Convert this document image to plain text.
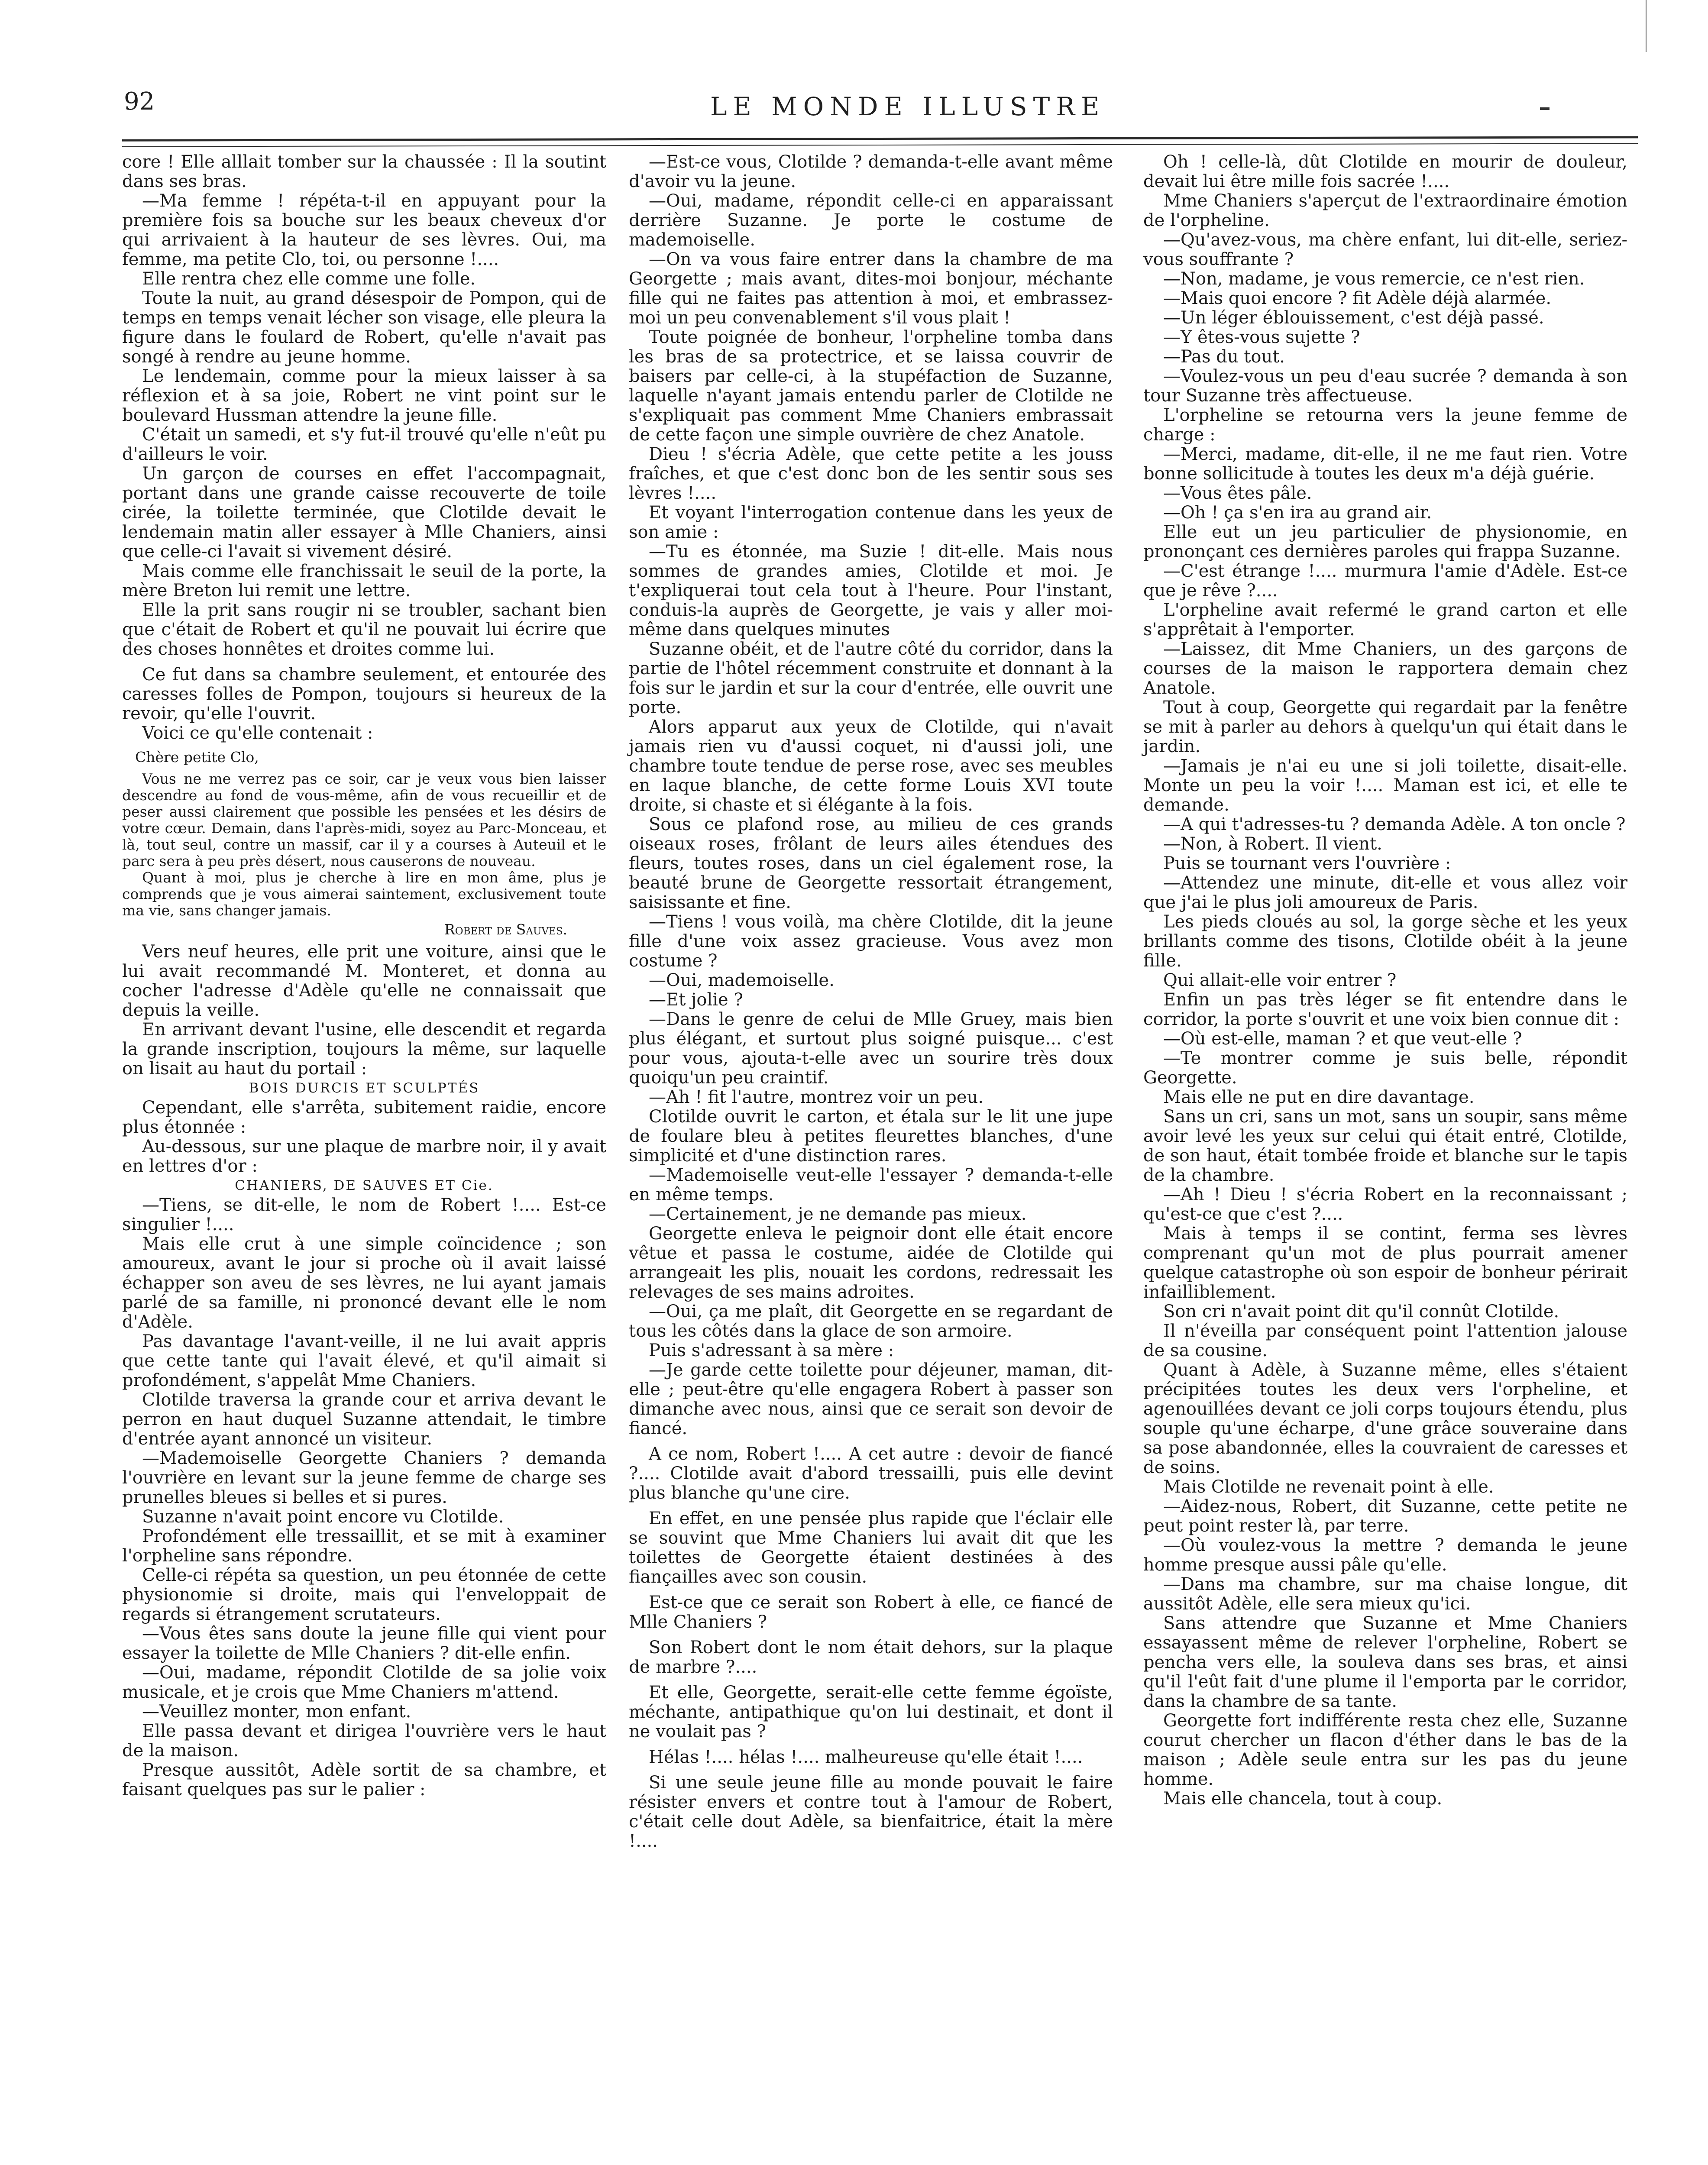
92	LE MONDE ILLUSTRE

core ! Elle alllait tomber sur la chaussée : Il la soutint dans ses bras.

—Ma femme ! répéta-t-il en appuyant pour la première fois sa bouche sur les beaux cheveux d'or qui arrivaient à la hauteur de ses lèvres. Oui, ma femme, ma petite Clo, toi, ou personne !....

Elle rentra chez elle comme une folle.

Toute la nuit, au grand désespoir de Pompon, qui de temps en temps venait lécher son visage, elle pleura la figure dans le foulard de Robert, qu'elle n'avait pas songé à rendre au jeune homme.

Le lendemain, comme pour la mieux laisser à sa réflexion et à sa joie, Robert ne vint point sur le boulevard Hussman attendre la jeune fille.

C'était un samedi, et s'y fut-il trouvé qu'elle n'eût pu d'ailleurs le voir.

Un garçon de courses en effet l'accompagnait, portant dans une grande caisse recouverte de toile cirée, la toilette terminée, que Clotilde devait le lendemain matin aller essayer à Mlle Chaniers, ainsi que celle-ci l'avait si vivement désiré.

Mais comme elle franchissait le seuil de la porte, la mère Breton lui remit une lettre.

Elle la prit sans rougir ni se troubler, sachant bien que c'était de Robert et qu'il ne pouvait lui écrire que des choses honnêtes et droites comme lui.

Ce fut dans sa chambre seulement, et entourée des caresses folles de Pompon, toujours si heureux de la revoir, qu'elle l'ouvrit.

Voici ce qu'elle contenait :

Chère petite Clo,

Vous ne me verrez pas ce soir, car je veux vous bien laisser descendre au fond de vous-même, afin de vous recueillir et de peser aussi clairement que possible les pensées et les désirs de votre cœur. Demain, dans l'après-midi, soyez au Parc-Monceau, et là, tout seul, contre un massif, car il y a courses à Auteuil et le parc sera à peu près désert, nous causerons de nouveau.

Quant à moi, plus je cherche à lire en mon âme, plus je comprends que je vous aimerai saintement, exclusivement toute ma vie, sans changer jamais.

Robert de Sauves.

Vers neuf heures, elle prit une voiture, ainsi que le lui avait recommandé M. Monteret, et donna au cocher l'adresse d'Adèle qu'elle ne connaissait que depuis la veille.

En arrivant devant l'usine, elle descendit et regarda la grande inscription, toujours la même, sur laquelle on lisait au haut du portail :

BOIS DURCIS ET SCULPTÉS

Cependant, elle s'arrêta, subitement raidie, encore plus étonnée :

Au-dessous, sur une plaque de marbre noir, il y avait en lettres d'or :

CHANIERS, DE SAUVES ET Cie.

—Tiens, se dit-elle, le nom de Robert !.... Est-ce singulier !....

Mais elle crut à une simple coïncidence ; son amoureux, avant le jour si proche où il avait laissé échapper son aveu de ses lèvres, ne lui ayant jamais parlé de sa famille, ni prononcé devant elle le nom d'Adèle.

Pas davantage l'avant-veille, il ne lui avait appris que cette tante qui l'avait élevé, et qu'il aimait si profondément, s'appelât Mme Chaniers.

Clotilde traversa la grande cour et arriva devant le perron en haut duquel Suzanne attendait, le timbre d'entrée ayant annoncé un visiteur.

—Mademoiselle Georgette Chaniers ? demanda l'ouvrière en levant sur la jeune femme de charge ses prunelles bleues si belles et si pures.

Suzanne n'avait point encore vu Clotilde.

Profondément elle tressaillit, et se mit à examiner l'orpheline sans répondre.

Celle-ci répéta sa question, un peu étonnée de cette physionomie si droite, mais qui l'enveloppait de regards si étrangement scrutateurs.

—Vous êtes sans doute la jeune fille qui vient pour essayer la toilette de Mlle Chaniers ? dit-elle enfin.

—Oui, madame, répondit Clotilde de sa jolie voix musicale, et je crois que Mme Chaniers m'attend.

—Veuillez monter, mon enfant.

Elle passa devant et dirigea l'ouvrière vers le haut de la maison.

Presque aussitôt, Adèle sortit de sa chambre, et faisant quelques pas sur le palier :

—Est-ce vous, Clotilde ? demanda-t-elle avant même d'avoir vu la jeune.

—Oui, madame, répondit celle-ci en apparaissant derrière Suzanne. Je porte le costume de mademoiselle.

—On va vous faire entrer dans la chambre de ma Georgette ; mais avant, dites-moi bonjour, méchante fille qui ne faites pas attention à moi, et embrassez-moi un peu convenablement s'il vous plait !

Toute poignée de bonheur, l'orpheline tomba dans les bras de sa protectrice, et se laissa couvrir de baisers par celle-ci, à la stupéfaction de Suzanne, laquelle n'ayant jamais entendu parler de Clotilde ne s'expliquait pas comment Mme Chaniers embrassait de cette façon une simple ouvrière de chez Anatole.

Dieu ! s'écria Adèle, que cette petite a les jouss fraîches, et que c'est donc bon de les sentir sous ses lèvres !....

Et voyant l'interrogation contenue dans les yeux de son amie :

—Tu es étonnée, ma Suzie ! dit-elle. Mais nous sommes de grandes amies, Clotilde et moi. Je t'expliquerai tout cela tout à l'heure. Pour l'instant, conduis-la auprès de Georgette, je vais y aller moi-même dans quelques minutes

Suzanne obéit, et de l'autre côté du corridor, dans la partie de l'hôtel récemment construite et donnant à la fois sur le jardin et sur la cour d'entrée, elle ouvrit une porte.

Alors apparut aux yeux de Clotilde, qui n'avait jamais rien vu d'aussi coquet, ni d'aussi joli, une chambre toute tendue de perse rose, avec ses meubles en laque blanche, de cette forme Louis XVI toute droite, si chaste et si élégante à la fois.

Sous ce plafond rose, au milieu de ces grands oiseaux roses, frôlant de leurs ailes étendues des fleurs, toutes roses, dans un ciel également rose, la beauté brune de Georgette ressortait étrangement, saisissante et fine.

—Tiens ! vous voilà, ma chère Clotilde, dit la jeune fille d'une voix assez gracieuse. Vous avez mon costume ?

—Oui, mademoiselle.

—Et jolie ?

—Dans le genre de celui de Mlle Gruey, mais bien plus élégant, et surtout plus soigné puisque... c'est pour vous, ajouta-t-elle avec un sourire très doux quoiqu'un peu craintif.

—Ah ! fit l'autre, montrez voir un peu.

Clotilde ouvrit le carton, et étala sur le lit une jupe de foulare bleu à petites fleurettes blanches, d'une simplicité et d'une distinction rares.

—Mademoiselle veut-elle l'essayer ? demanda-t-elle en même temps.

—Certainement, je ne demande pas mieux.

Georgette enleva le peignoir dont elle était encore vêtue et passa le costume, aidée de Clotilde qui arrangeait les plis, nouait les cordons, redressait les relevages de ses mains adroites.

—Oui, ça me plaît, dit Georgette en se regardant de tous les côtés dans la glace de son armoire.

Puis s'adressant à sa mère :

—Je garde cette toilette pour déjeuner, maman, dit-elle ; peut-être qu'elle engagera Robert à passer son dimanche avec nous, ainsi que ce serait son devoir de fiancé.

A ce nom, Robert !.... A cet autre : devoir de fiancé ?.... Clotilde avait d'abord tressailli, puis elle devint plus blanche qu'une cire.

En effet, en une pensée plus rapide que l'éclair elle se souvint que Mme Chaniers lui avait dit que les toilettes de Georgette étaient destinées à des fiançailles avec son cousin.

Est-ce que ce serait son Robert à elle, ce fiancé de Mlle Chaniers ?

Son Robert dont le nom était dehors, sur la plaque de marbre ?....

Et elle, Georgette, serait-elle cette femme égoïste, méchante, antipathique qu'on lui destinait, et dont il ne voulait pas ?

Hélas !.... hélas !.... malheureuse qu'elle était !....

Si une seule jeune fille au monde pouvait le faire résister envers et contre tout à l'amour de Robert, c'était celle dout Adèle, sa bienfaitrice, était la mère !....

Oh ! celle-là, dût Clotilde en mourir de douleur, devait lui être mille fois sacrée !....

Mme Chaniers s'aperçut de l'extraordinaire émotion de l'orpheline.

—Qu'avez-vous, ma chère enfant, lui dit-elle, seriez-vous souffrante ?

—Non, madame, je vous remercie, ce n'est rien.

—Mais quoi encore ? fit Adèle déjà alarmée.

—Un léger éblouissement, c'est déjà passé.

—Y êtes-vous sujette ?

—Pas du tout.

—Voulez-vous un peu d'eau sucrée ? demanda à son tour Suzanne très affectueuse.

L'orpheline se retourna vers la jeune femme de charge :

—Merci, madame, dit-elle, il ne me faut rien. Votre bonne sollicitude à toutes les deux m'a déjà guérie.

—Vous êtes pâle.

—Oh ! ça s'en ira au grand air.

Elle eut un jeu particulier de physionomie, en prononçant ces dernières paroles qui frappa Suzanne.

—C'est étrange !.... murmura l'amie d'Adèle. Est-ce que je rêve ?....

L'orpheline avait refermé le grand carton et elle s'apprêtait à l'emporter.

—Laissez, dit Mme Chaniers, un des garçons de courses de la maison le rapportera demain chez Anatole.

Tout à coup, Georgette qui regardait par la fenêtre se mit à parler au dehors à quelqu'un qui était dans le jardin.

—Jamais je n'ai eu une si joli toilette, disait-elle. Monte un peu la voir !.... Maman est ici, et elle te demande.

—A qui t'adresses-tu ? demanda Adèle. A ton oncle ?

—Non, à Robert. Il vient.

Puis se tournant vers l'ouvrière :

—Attendez une minute, dit-elle et vous allez voir que j'ai le plus joli amoureux de Paris.

Les pieds cloués au sol, la gorge sèche et les yeux brillants comme des tisons, Clotilde obéit à la jeune fille.

Qui allait-elle voir entrer ?

Enfin un pas très léger se fit entendre dans le corridor, la porte s'ouvrit et une voix bien connue dit :

—Où est-elle, maman ? et que veut-elle ?

—Te montrer comme je suis belle, répondit Georgette.

Mais elle ne put en dire davantage.

Sans un cri, sans un mot, sans un soupir, sans même avoir levé les yeux sur celui qui était entré, Clotilde, de son haut, était tombée froide et blanche sur le tapis de la chambre.

—Ah ! Dieu ! s'écria Robert en la reconnaissant ; qu'est-ce que c'est ?....

Mais à temps il se contint, ferma ses lèvres comprenant qu'un mot de plus pourrait amener quelque catastrophe où son espoir de bonheur périrait infailliblement.

Son cri n'avait point dit qu'il connût Clotilde.

Il n'éveilla par conséquent point l'attention jalouse de sa cousine.

Quant à Adèle, à Suzanne même, elles s'étaient précipitées toutes les deux vers l'orpheline, et agenouillées devant ce joli corps toujours étendu, plus souple qu'une écharpe, d'une grâce souveraine dans sa pose abandonnée, elles la couvraient de caresses et de soins.

Mais Clotilde ne revenait point à elle.

—Aidez-nous, Robert, dit Suzanne, cette petite ne peut point rester là, par terre.

—Où voulez-vous la mettre ? demanda le jeune homme presque aussi pâle qu'elle.

—Dans ma chambre, sur ma chaise longue, dit aussitôt Adèle, elle sera mieux qu'ici.

Sans attendre que Suzanne et Mme Chaniers essayassent même de relever l'orpheline, Robert se pencha vers elle, la souleva dans ses bras, et ainsi qu'il l'eût fait d'une plume il l'emporta par le corridor, dans la chambre de sa tante.

Georgette fort indifférente resta chez elle, Suzanne courut chercher un flacon d'éther dans le bas de la maison ; Adèle seule entra sur les pas du jeune homme.

Mais elle chancela, tout à coup.
